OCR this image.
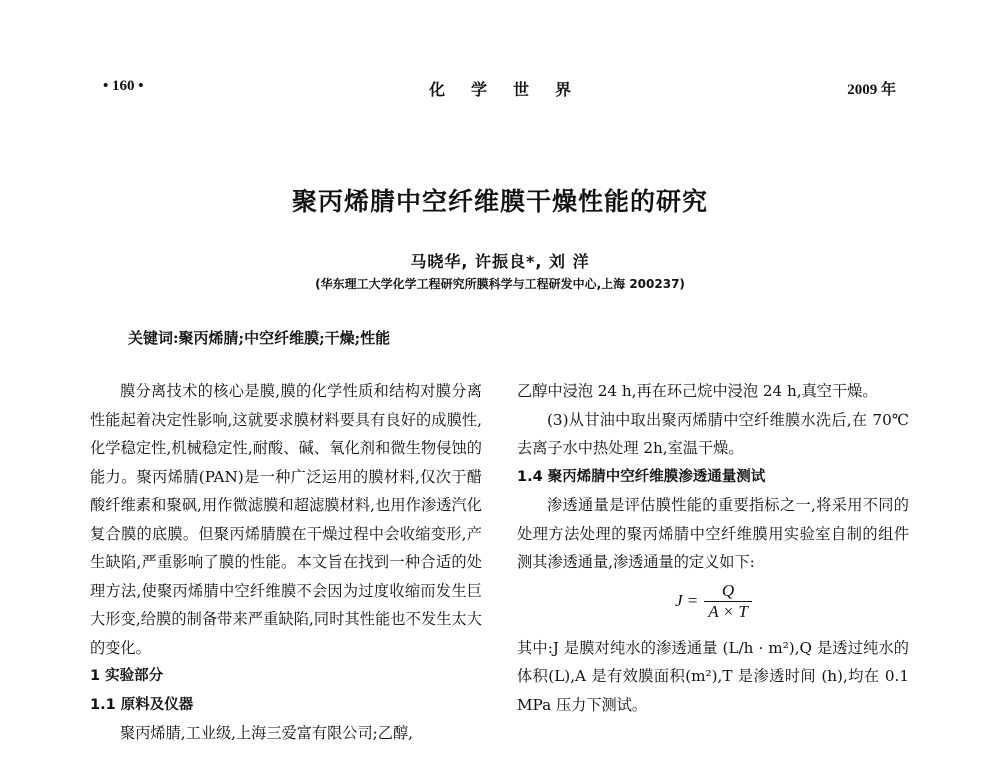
• 160 •	化学世界	2009 年
聚丙烯腈中空纤维膜干燥性能的研究
马晓华, 许振良*, 刘 洋
(华东理工大学化学工程研究所膜科学与工程研发中心,上海 200237)
关键词:聚丙烯腈;中空纤维膜;干燥;性能

膜分离技术的核心是膜,膜的化学性质和结构对膜分离性能起着决定性影响,这就要求膜材料要具有良好的成膜性,化学稳定性,机械稳定性,耐酸、碱、氧化剂和微生物侵蚀的能力。聚丙烯腈(PAN)是一种广泛运用的膜材料,仅次于醋酸纤维素和聚砜,用作微滤膜和超滤膜材料,也用作渗透汽化复合膜的底膜。但聚丙烯腈膜在干燥过程中会收缩变形,产生缺陷,严重影响了膜的性能。本文旨在找到一种合适的处理方法,使聚丙烯腈中空纤维膜不会因为过度收缩而发生巨大形变,给膜的制备带来严重缺陷,同时其性能也不发生太大的变化。

1 实验部分

1.1 原料及仪器

聚丙烯腈,工业级,上海三爱富有限公司;乙醇,

乙醇中浸泡 24 h,再在环己烷中浸泡 24 h,真空干燥。

(3)从甘油中取出聚丙烯腈中空纤维膜水洗后,在 70℃ 去离子水中热处理 2h,室温干燥。

1.4 聚丙烯腈中空纤维膜渗透通量测试

渗透通量是评估膜性能的重要指标之一,将采用不同的处理方法处理的聚丙烯腈中空纤维膜用实验室自制的组件测其渗透通量,渗透通量的定义如下:

$J = \frac{Q}{A \times T}$

其中:J 是膜对纯水的渗透通量 (L/h · m²),Q 是透过纯水的体积(L),A 是有效膜面积(m²),T 是渗透时间 (h),均在 0.1 MPa 压力下测试。
